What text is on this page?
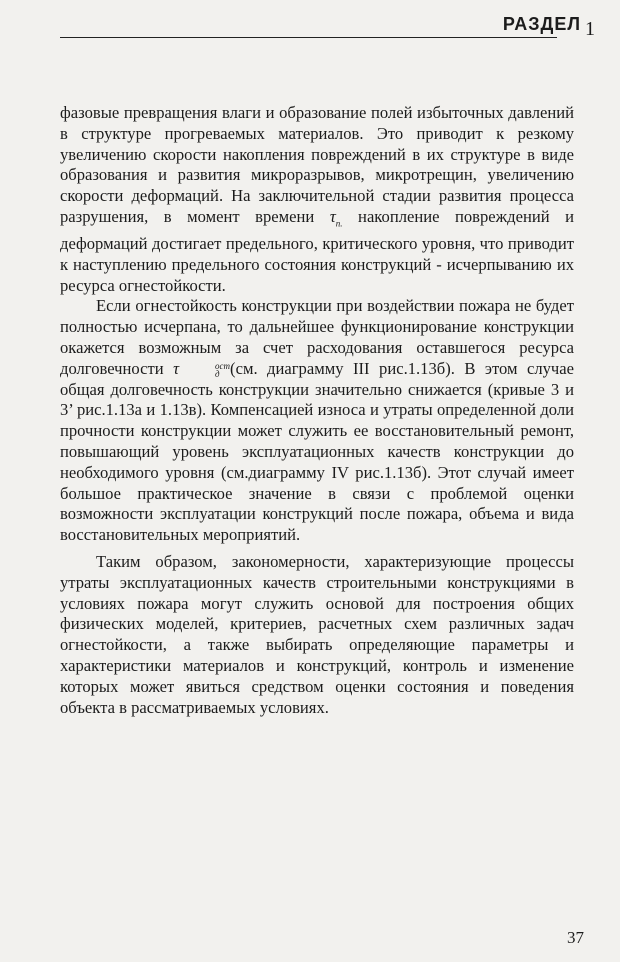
РАЗДЕЛ 1

фазовые превращения влаги и образование полей избыточных давлений в структуре прогреваемых материалов. Это приводит к резкому увеличению скорости накопления повреждений в их структуре в виде образования и развития микроразрывов, микротрещин, увеличению скорости деформаций. На заключительной стадии развития процесса разрушения, в момент времени $\tau_{п.}$ накопление повреждений и деформаций достигает предельного, критического уровня, что приводит к наступлению предельного состояния конструкций - исчерпыванию их ресурса огнестойкости.

Если огнестойкость конструкции при воздействии пожара не будет полностью исчерпана, то дальнейшее функционирование конструкции окажется возможным за счет расходования оставшегося ресурса долговечности τ	ост
д (см. диаграмму III рис.1.13б). В этом случае общая долговечность конструкции значительно снижается (кривые 3 и 3’ рис.1.13а и 1.13в). Компенсацией износа и утраты определенной доли прочности конструкции может служить ее восстановительный ремонт, повышающий уровень эксплуатационных качеств конструкции до необходимого уровня (см.диаграмму IV рис.1.13б). Этот случай имеет большое практическое значение в связи с проблемой оценки возможности эксплуатации конструкций после пожара, объема и вида восстановительных мероприятий.

Таким образом, закономерности, характеризующие процессы утраты эксплуатационных качеств строительными конструкциями в условиях пожара могут служить основой для построения общих физических моделей, критериев, расчетных схем различных задач огнестойкости, а также выбирать определяющие параметры и характеристики материалов и конструкций, контроль и изменение которых может явиться средством оценки состояния и поведения объекта в рассматриваемых условиях.

37
